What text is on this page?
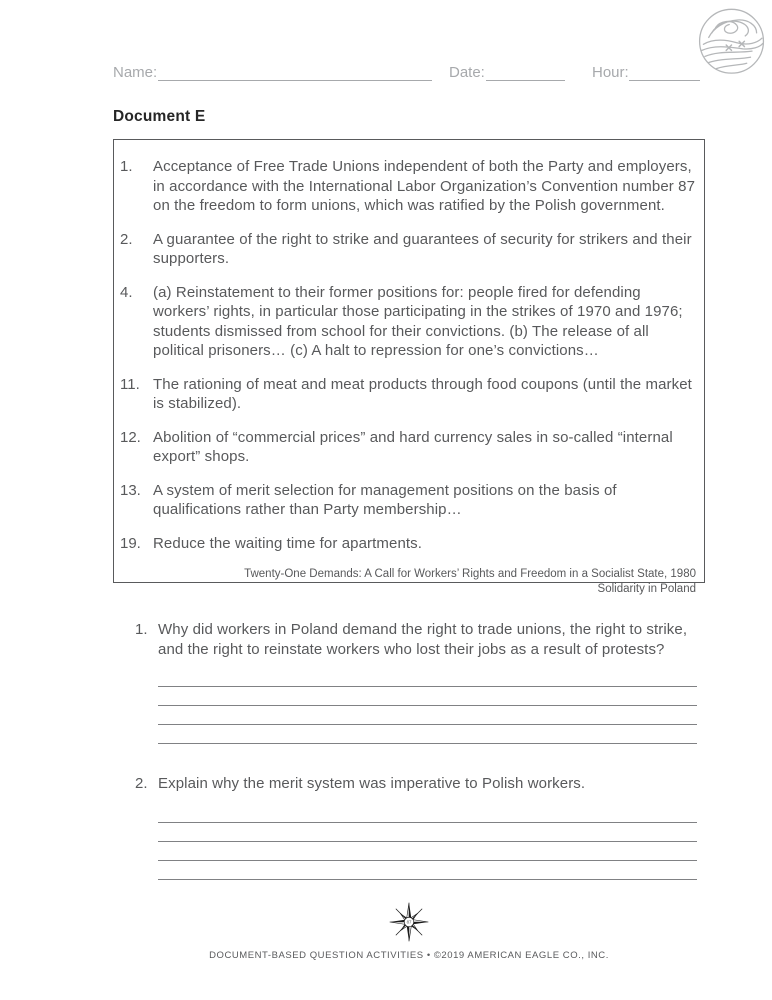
Name:	Date:	Hour:
Document E
1.	Acceptance of Free Trade Unions independent of both the Party and employers, in accordance with the International Labor Organization’s Convention number 87 on the freedom to form unions, which was ratified by the Polish government.
2.	A guarantee of the right to strike and guarantees of security for strikers and their supporters.
4.	(a) Reinstatement to their former positions for: people fired for defending workers’ rights, in particular those participating in the strikes of 1970 and 1976; students dismissed from school for their convictions. (b) The release of all political prisoners… (c) A halt to repression for one’s convictions…
11. The rationing of meat and meat products through food coupons (until the market is stabilized).
12. Abolition of “commercial prices” and hard currency sales in so-called “internal export” shops.
13. A system of merit selection for management positions on the basis of qualifications rather than Party membership…
19. Reduce the waiting time for apartments.
Twenty-One Demands: A Call for Workers’ Rights and Freedom in a Socialist State, 1980
Solidarity in Poland
1. Why did workers in Poland demand the right to trade unions, the right to strike, and the right to reinstate workers who lost their jobs as a result of protests?
2. Explain why the merit system was imperative to Polish workers.
87
DOCUMENT-BASED QUESTION ACTIVITIES • ©2019 AMERICAN EAGLE CO., INC.
